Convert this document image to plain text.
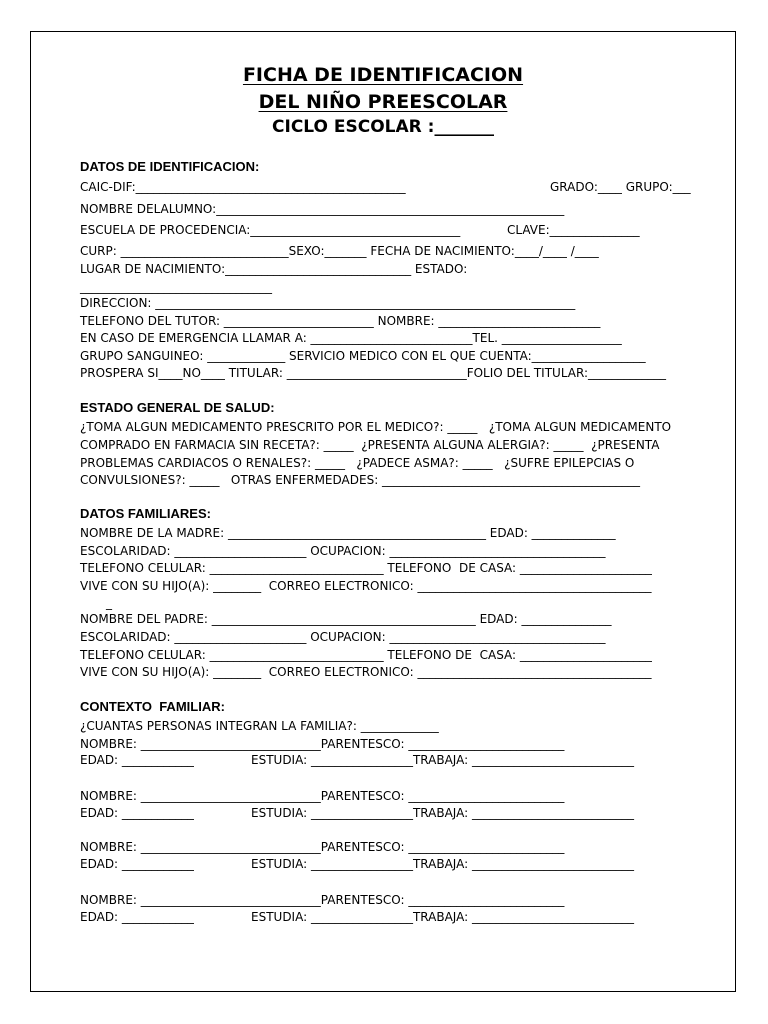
FICHA DE IDENTIFICACION
DEL NIÑO PREESCOLAR
CICLO ESCOLAR :_______
DATOS DE IDENTIFICACION:
CAIC-DIF:_____________________________________________	GRADO:____ GRUPO:___
NOMBRE DELALUMNO:__________________________________________________________
ESCUELA DE PROCEDENCIA:___________________________________	CLAVE:_______________
CURP: ____________________________SEXO:_______ FECHA DE NACIMIENTO:____/____ /____
LUGAR DE NACIMIENTO:_______________________________ ESTADO:
________________________________
DIRECCION: ______________________________________________________________________
TELEFONO DEL TUTOR: _________________________ NOMBRE: ___________________________
EN CASO DE EMERGENCIA LLAMAR A: ___________________________TEL. ____________________
GRUPO SANGUINEO: _____________ SERVICIO MEDICO CON EL QUE CUENTA:___________________
PROSPERA SI____NO____ TITULAR: ______________________________FOLIO DEL TITULAR:_____________
ESTADO GENERAL DE SALUD:
¿TOMA ALGUN MEDICAMENTO PRESCRITO POR EL MEDICO?: _____   ¿TOMA ALGUN MEDICAMENTO
COMPRADO EN FARMACIA SIN RECETA?: _____  ¿PRESENTA ALGUNA ALERGIA?: _____  ¿PRESENTA
PROBLEMAS CARDIACOS O RENALES?: _____   ¿PADECE ASMA?: _____   ¿SUFRE EPILEPCIAS O
CONVULSIONES?: _____   OTRAS ENFERMEDADES: ___________________________________________
DATOS FAMILIARES:
NOMBRE DE LA MADRE: ___________________________________________ EDAD: ______________
ESCOLARIDAD: ______________________ OCUPACION: ____________________________________
TELEFONO CELULAR: _____________________________ TELEFONO  DE CASA: ______________________
VIVE CON SU HIJO(A): ________  CORREO ELECTRONICO: _______________________________________
_
NOMBRE DEL PADRE: ____________________________________________ EDAD: _______________
ESCOLARIDAD: ______________________ OCUPACION: ____________________________________
TELEFONO CELULAR: _____________________________ TELEFONO DE  CASA: ______________________
VIVE CON SU HIJO(A): ________  CORREO ELECTRONICO: _______________________________________
CONTEXTO  FAMILIAR:
¿CUANTAS PERSONAS INTEGRAN LA FAMILIA?: _____________
NOMBRE: ______________________________PARENTESCO: __________________________
EDAD: ____________	ESTUDIA: _________________TRABAJA: ___________________________
NOMBRE: ______________________________PARENTESCO: __________________________
EDAD: ____________	ESTUDIA: _________________TRABAJA: ___________________________
NOMBRE: ______________________________PARENTESCO: __________________________
EDAD: ____________	ESTUDIA: _________________TRABAJA: ___________________________
NOMBRE: ______________________________PARENTESCO: __________________________
EDAD: ____________	ESTUDIA: _________________TRABAJA: ___________________________
